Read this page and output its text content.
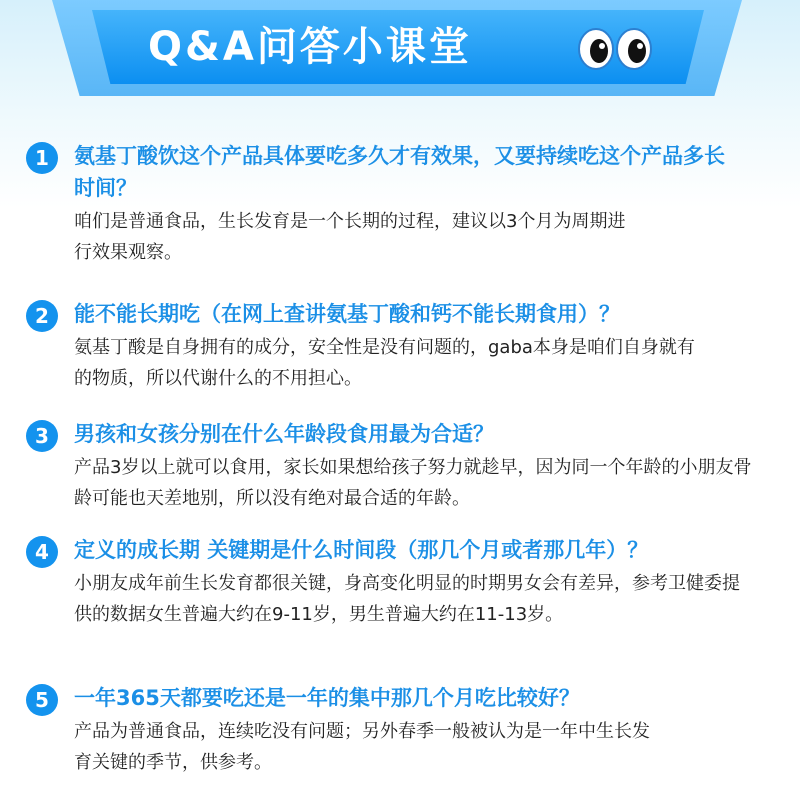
Q&A问答小课堂
1	氨基丁酸饮这个产品具体要吃多久才有效果，又要持续吃这个产品多长时间？

咱们是普通食品，生长发育是一个长期的过程，建议以3个月为周期进行效果观察。

2	能不能长期吃（在网上查讲氨基丁酸和钙不能长期食用）？

氨基丁酸是自身拥有的成分，安全性是没有问题的，gaba本身是咱们自身就有的物质，所以代谢什么的不用担心。

3	男孩和女孩分别在什么年龄段食用最为合适？

产品3岁以上就可以食用，家长如果想给孩子努力就趁早，因为同一个年龄的小朋友骨龄可能也天差地别，所以没有绝对最合适的年龄。

4	定义的成长期 关键期是什么时间段（那几个月或者那几年）？

小朋友成年前生长发育都很关键，身高变化明显的时期男女会有差异，参考卫健委提供的数据女生普遍大约在9-11岁，男生普遍大约在11-13岁。

5	一年365天都要吃还是一年的集中那几个月吃比较好？

产品为普通食品，连续吃没有问题；另外春季一般被认为是一年中生长发育关键的季节，供参考。
